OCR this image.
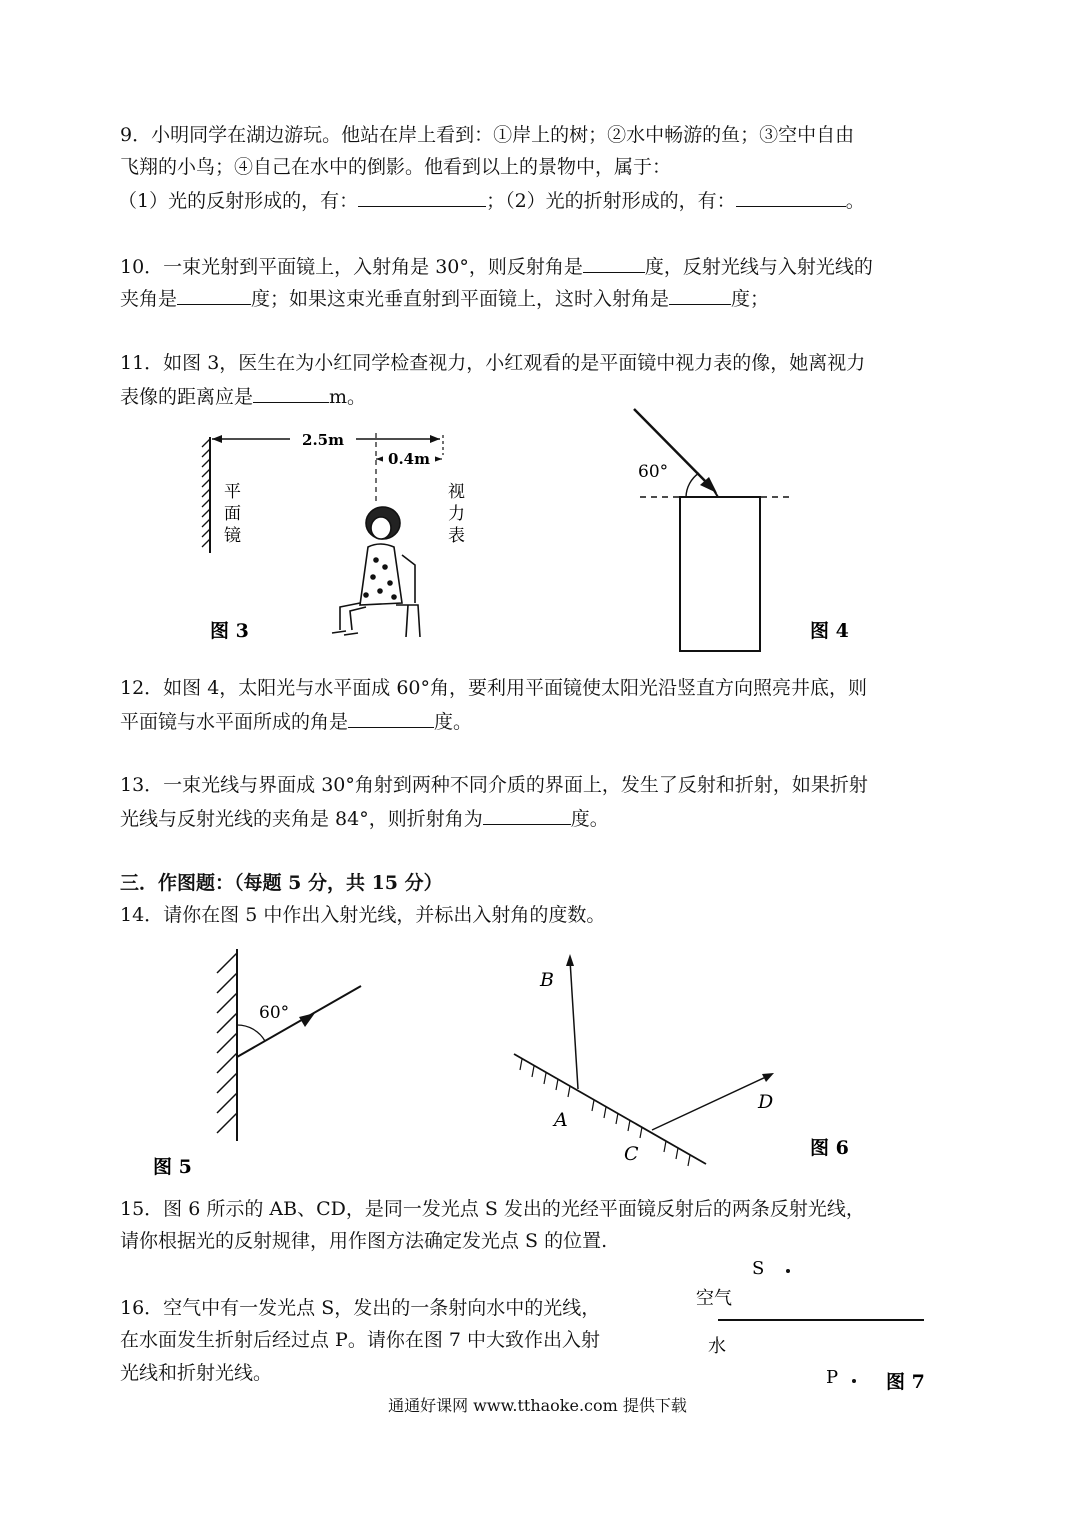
9．小明同学在湖边游玩。他站在岸上看到：①岸上的树；②水中畅游的鱼；③空中自由
飞翔的小鸟；④自己在水中的倒影。他看到以上的景物中，属于：
（1）光的反射形成的，有：	；（2）光的折射形成的，有：	。
10．一束光射到平面镜上，入射角是 30°，则反射角是	度，反射光线与入射光线的
夹角是	度；如果这束光垂直射到平面镜上，这时入射角是	度；
11．如图 3，医生在为小红同学检查视力，小红观看的是平面镜中视力表的像，她离视力
表像的距离应是	m。
2.5m
0.4m
平
面
镜
视
力
表
图 3
60°
图 4
12．如图 4，太阳光与水平面成 60°角，要利用平面镜使太阳光沿竖直方向照亮井底，则
平面镜与水平面所成的角是	度。
13．一束光线与界面成 30°角射到两种不同介质的界面上，发生了反射和折射，如果折射
光线与反射光线的夹角是 84°，则折射角为	度。
三．作图题：（每题 5 分，共 15 分）
14．请你在图 5 中作出入射光线，并标出入射角的度数。
60°
图 5
B
A
C
D
图 6
15．图 6 所示的 AB、CD，是同一发光点 S 发出的光经平面镜反射后的两条反射光线，
请你根据光的反射规律，用作图方法确定发光点 S 的位置.
16．空气中有一发光点 S，发出的一条射向水中的光线，
在水面发生折射后经过点 P。请你在图 7 中大致作出入射
光线和折射光线。
S
空气
水
P	图 7
通通好课网 www.tthaoke.com 提供下载
